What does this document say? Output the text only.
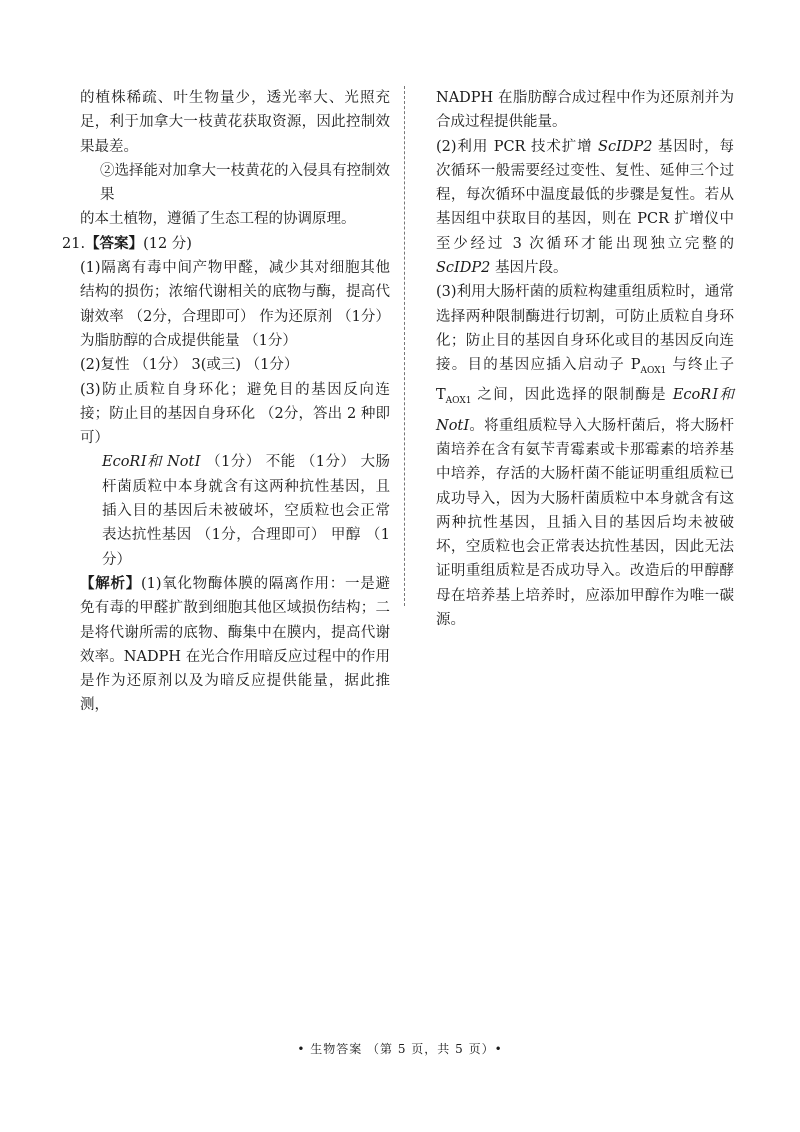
的植株稀疏、叶生物量少，透光率大、光照充足，利于加拿大一枝黄花获取资源，因此控制效果最差。
②选择能对加拿大一枝黄花的入侵具有控制效果
的本土植物，遵循了生态工程的协调原理。
21.【答案】(12 分)
(1)隔离有毒中间产物甲醛，减少其对细胞其他结构的损伤；浓缩代谢相关的底物与酶，提高代谢效率 （2分，合理即可） 作为还原剂 （1分） 为脂肪醇的合成提供能量 （1分）
(2)复性 （1分） 3(或三) （1分）
(3)防止质粒自身环化；避免目的基因反向连接；防止目的基因自身环化 （2分，答出 2 种即可）
EcoRⅠ和 NotⅠ （1分） 不能 （1分） 大肠杆菌质粒中本身就含有这两种抗性基因，且插入目的基因后未被破坏，空质粒也会正常表达抗性基因 （1分，合理即可） 甲醇 （1分）
【解析】(1)氧化物酶体膜的隔离作用：一是避免有毒的甲醛扩散到细胞其他区域损伤结构；二是将代谢所需的底物、酶集中在膜内，提高代谢效率。NADPH 在光合作用暗反应过程中的作用是作为还原剂以及为暗反应提供能量，据此推测，
NADPH 在脂肪醇合成过程中作为还原剂并为合成过程提供能量。
(2)利用 PCR 技术扩增 ScIDP2 基因时，每次循环一般需要经过变性、复性、延伸三个过程，每次循环中温度最低的步骤是复性。若从基因组中获取目的基因，则在 PCR 扩增仪中至少经过 3 次循环才能出现独立完整的 ScIDP2 基因片段。
(3)利用大肠杆菌的质粒构建重组质粒时，通常选择两种限制酶进行切割，可防止质粒自身环化；防止目的基因自身环化或目的基因反向连接。目的基因应插入启动子 $P_{AOX1}$ 与终止子 $T_{AOX1}$ 之间，因此选择的限制酶是 EcoRⅠ和 NotⅠ。将重组质粒导入大肠杆菌后，将大肠杆菌培养在含有氨苄青霉素或卡那霉素的培养基中培养，存活的大肠杆菌不能证明重组质粒已成功导入，因为大肠杆菌质粒中本身就含有这两种抗性基因，且插入目的基因后均未被破坏，空质粒也会正常表达抗性基因，因此无法证明重组质粒是否成功导入。改造后的甲醇酵母在培养基上培养时，应添加甲醇作为唯一碳源。
• 生物答案 （第 5 页，共 5 页）•
